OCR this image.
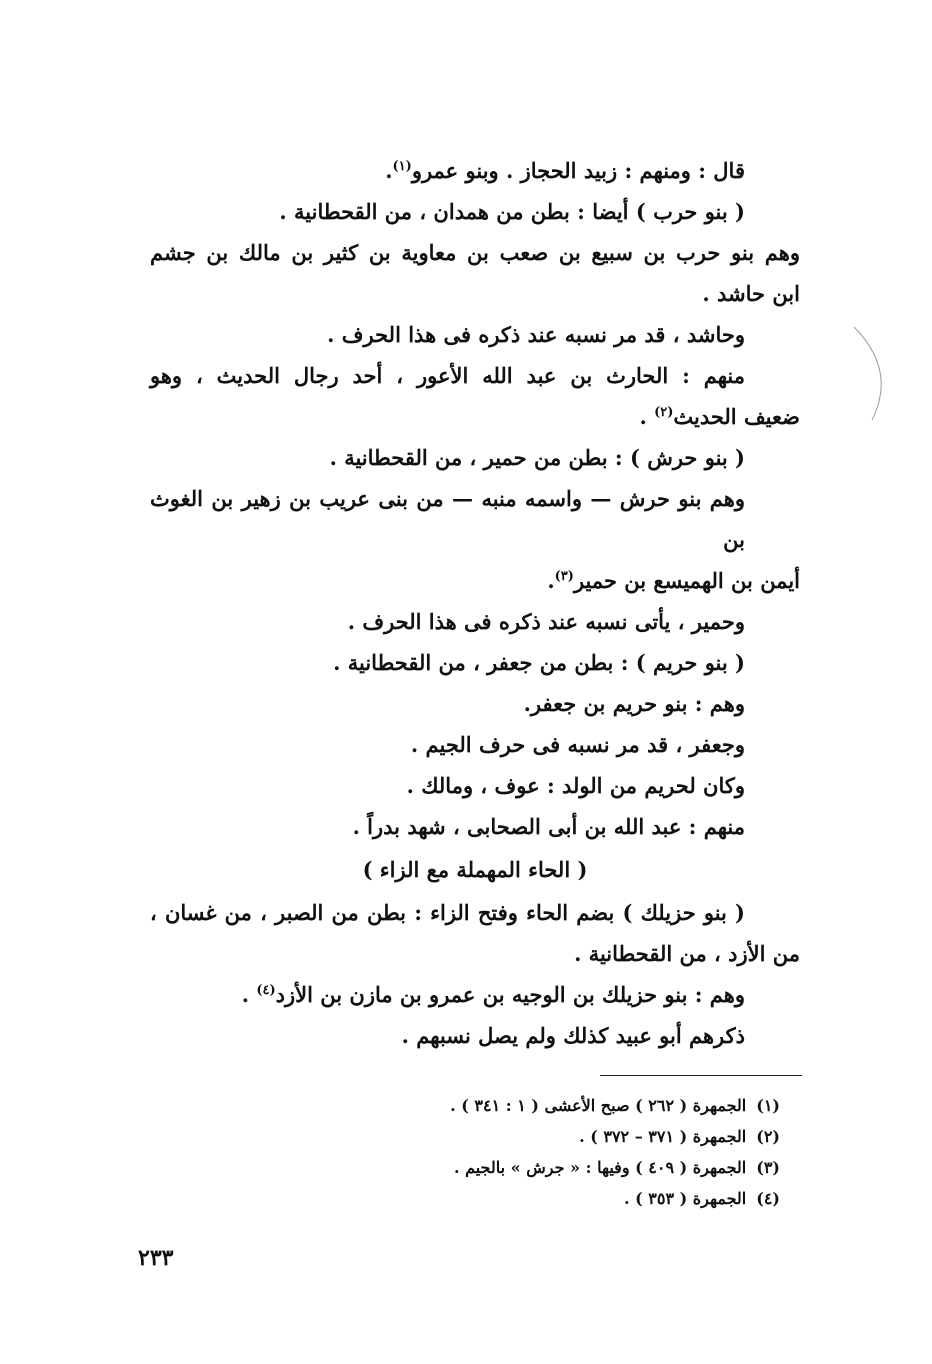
قال : ومنهم : زبيد الحجاز . وبنو عمرو$^{(١)}$.
( بنو حرب ) أيضا : بطن من همدان ، من القحطانية .
وهم بنو حرب بن سبيع بن صعب بن معاوية بن كثير بن مالك بن جشم
ابن حاشد .
وحاشد ، قد مر نسبه عند ذكره فى هذا الحرف .
منهم : الحارث بن عبد الله الأعور ، أحد رجال الحديث ، وهو
ضعيف الحديث$^{(٢)}$ .
( بنو حرش ) : بطن من حمير ، من القحطانية .
وهم بنو حرش — واسمه منبه — من بنى عريب بن زهير بن الغوث بن
أيمن بن الهميسع بن حمير$^{(٣)}$.
وحمير ، يأتى نسبه عند ذكره فى هذا الحرف .
( بنو حريم ) : بطن من جعفر ، من القحطانية .
وهم : بنو حريم بن جعفر.
وجعفر ، قد مر نسبه فى حرف الجيم .
وكان لحريم من الولد : عوف ، ومالك .
منهم : عبد الله بن أبى الصحابى ، شهد بدراً .
( الحاء المهملة مع الزاء )
( بنو حزيلك ) بضم الحاء وفتح الزاء : بطن من الصبر ، من غسان ،
من الأزد ، من القحطانية .
وهم : بنو حزيلك بن الوجيه بن عمرو بن مازن بن الأزد$^{(٤)}$ .
ذكرهم أبو عبيد كذلك ولم يصل نسبهم .
(١)الجمهرة ( ٢٦٢ ) صبح الأعشى ( ١ : ٣٤١ ) .
(٢)الجمهرة ( ٣٧١ – ٣٧٢ ) .
(٣)الجمهرة ( ٤٠٩ ) وفيها : « جرش » بالجيم .
(٤)الجمهرة ( ٣٥٣ ) .
٢٣٣
